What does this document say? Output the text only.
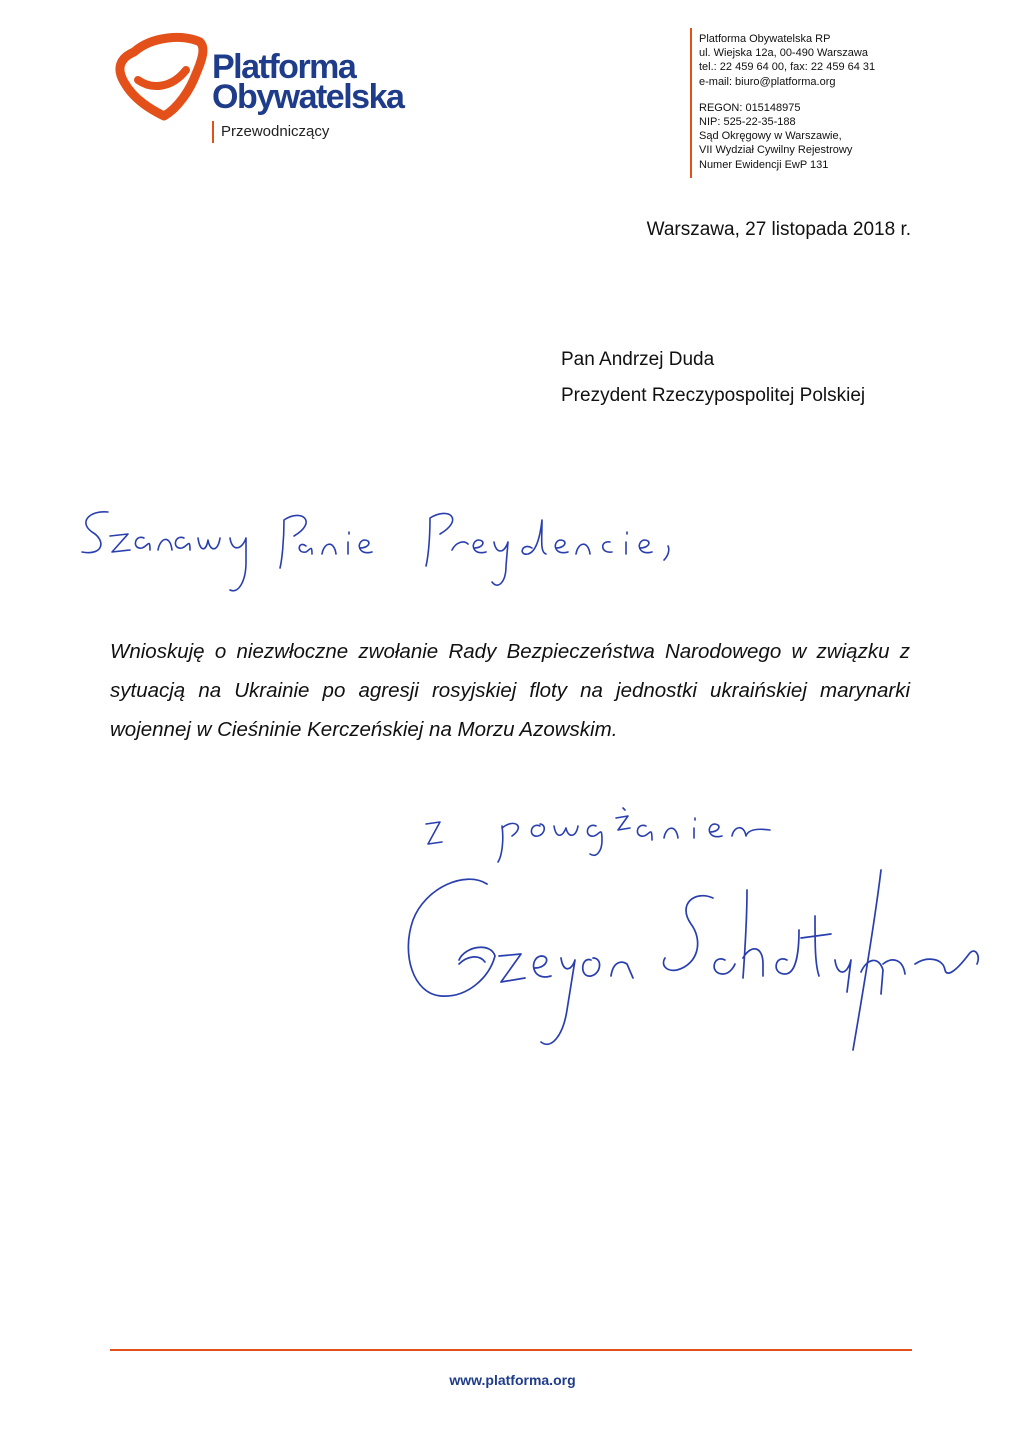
Platforma
Obywatelska
Przewodniczący
Platforma Obywatelska RP
ul. Wiejska 12a, 00-490 Warszawa
tel.: 22 459 64 00, fax: 22 459 64 31
e-mail: biuro@platforma.org
REGON: 015148975
NIP: 525-22-35-188
Sąd Okręgowy w Warszawie,
VII Wydział Cywilny Rejestrowy
Numer Ewidencji EwP 131
Warszawa, 27 listopada 2018 r.
Pan Andrzej Duda
Prezydent Rzeczypospolitej Polskiej
Wnioskuję o niezwłoczne zwołanie Rady Bezpieczeństwa Narodowego w związku z sytuacją na Ukrainie po agresji rosyjskiej floty na jednostki ukraińskiej marynarki wojennej w Cieśninie Kerczeńskiej na Morzu Azowskim.
www.platforma.org
